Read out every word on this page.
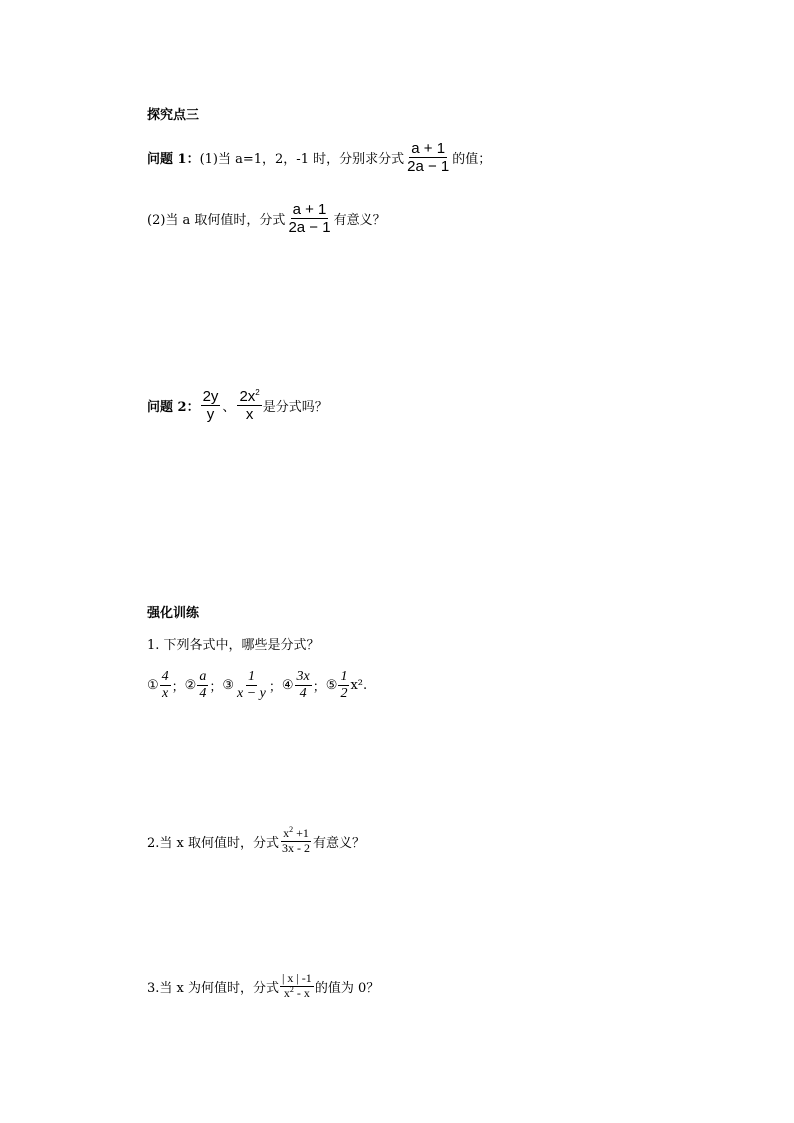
探究点三
问题 1： (1)当 a=1，2，-1 时，分别求分式 $\frac{a + 1}{2a - 1}$ 的值；
(2)当 a 取何值时，分式 $\frac{a + 1}{2a - 1}$ 有意义？
问题 2： $\frac{2y}{y}$ 、 $\frac{2x^2}{x}$ 是分式吗？
强化训练
1. 下列各式中，哪些是分式？
① $\frac{4}{x}$ ； ② $\frac{a}{4}$ ； ③ $\frac{1}{x - y}$ ； ④ $\frac{3x}{4}$ ； ⑤ $\frac{1}{2} x^2$.
2.当 x 取何值时，分式 $\frac{x^2 +1}{3x - 2}$ 有意义？
3.当 x 为何值时，分式 $\frac{| x | -1}{x^2 - x}$ 的值为 0？
